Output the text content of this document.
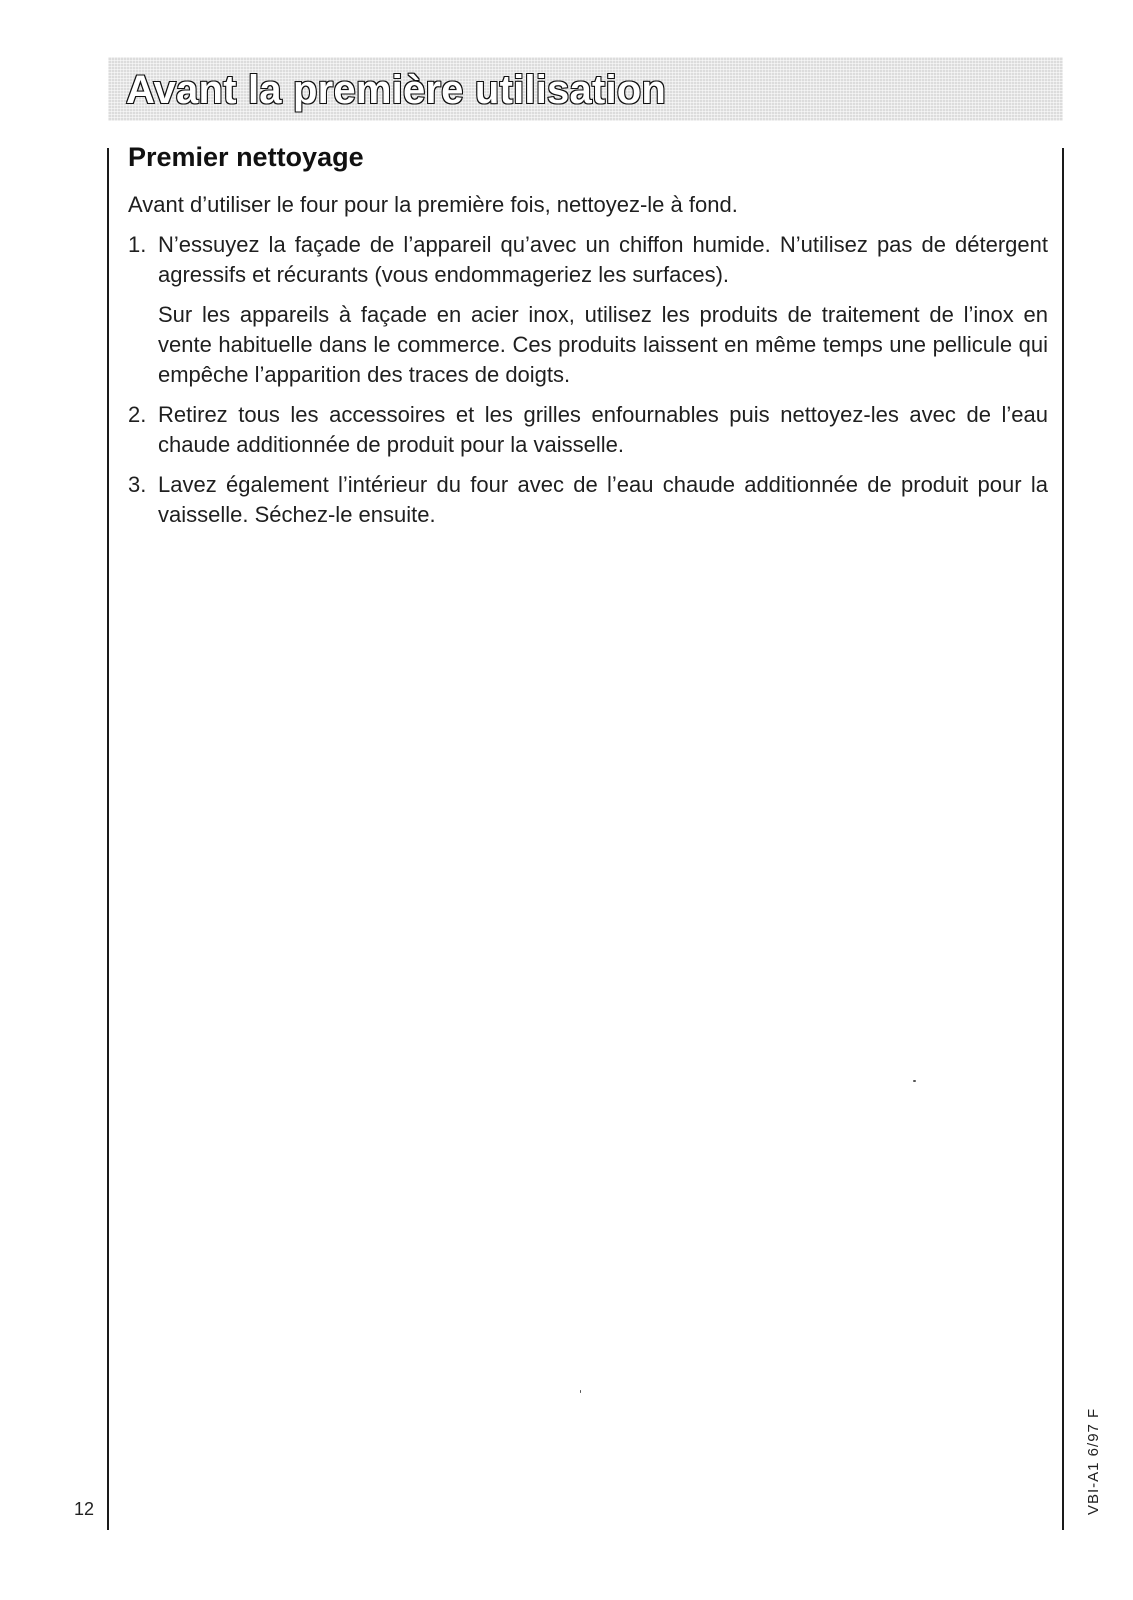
Avant la première utilisation
Premier nettoyage

Avant d’utiliser le four pour la première fois, nettoyez-le à fond.

1. N’essuyez la façade de l’appareil qu’avec un chiffon humide. N’utilisez pas de détergent agressifs et récurants (vous endommageriez les surfaces).
Sur les appareils à façade en acier inox, utilisez les produits de traitement de l’inox en vente habituelle dans le commerce. Ces produits laissent en même temps une pellicule qui empêche l’apparition des traces de doigts.
2. Retirez tous les accessoires et les grilles enfournables puis nettoyez-les avec de l’eau chaude additionnée de produit pour la vaisselle.
3. Lavez également l’intérieur du four avec de l’eau chaude additionnée de produit pour la vaisselle. Séchez-le ensuite.
12	VBI-A1 6/97 F
